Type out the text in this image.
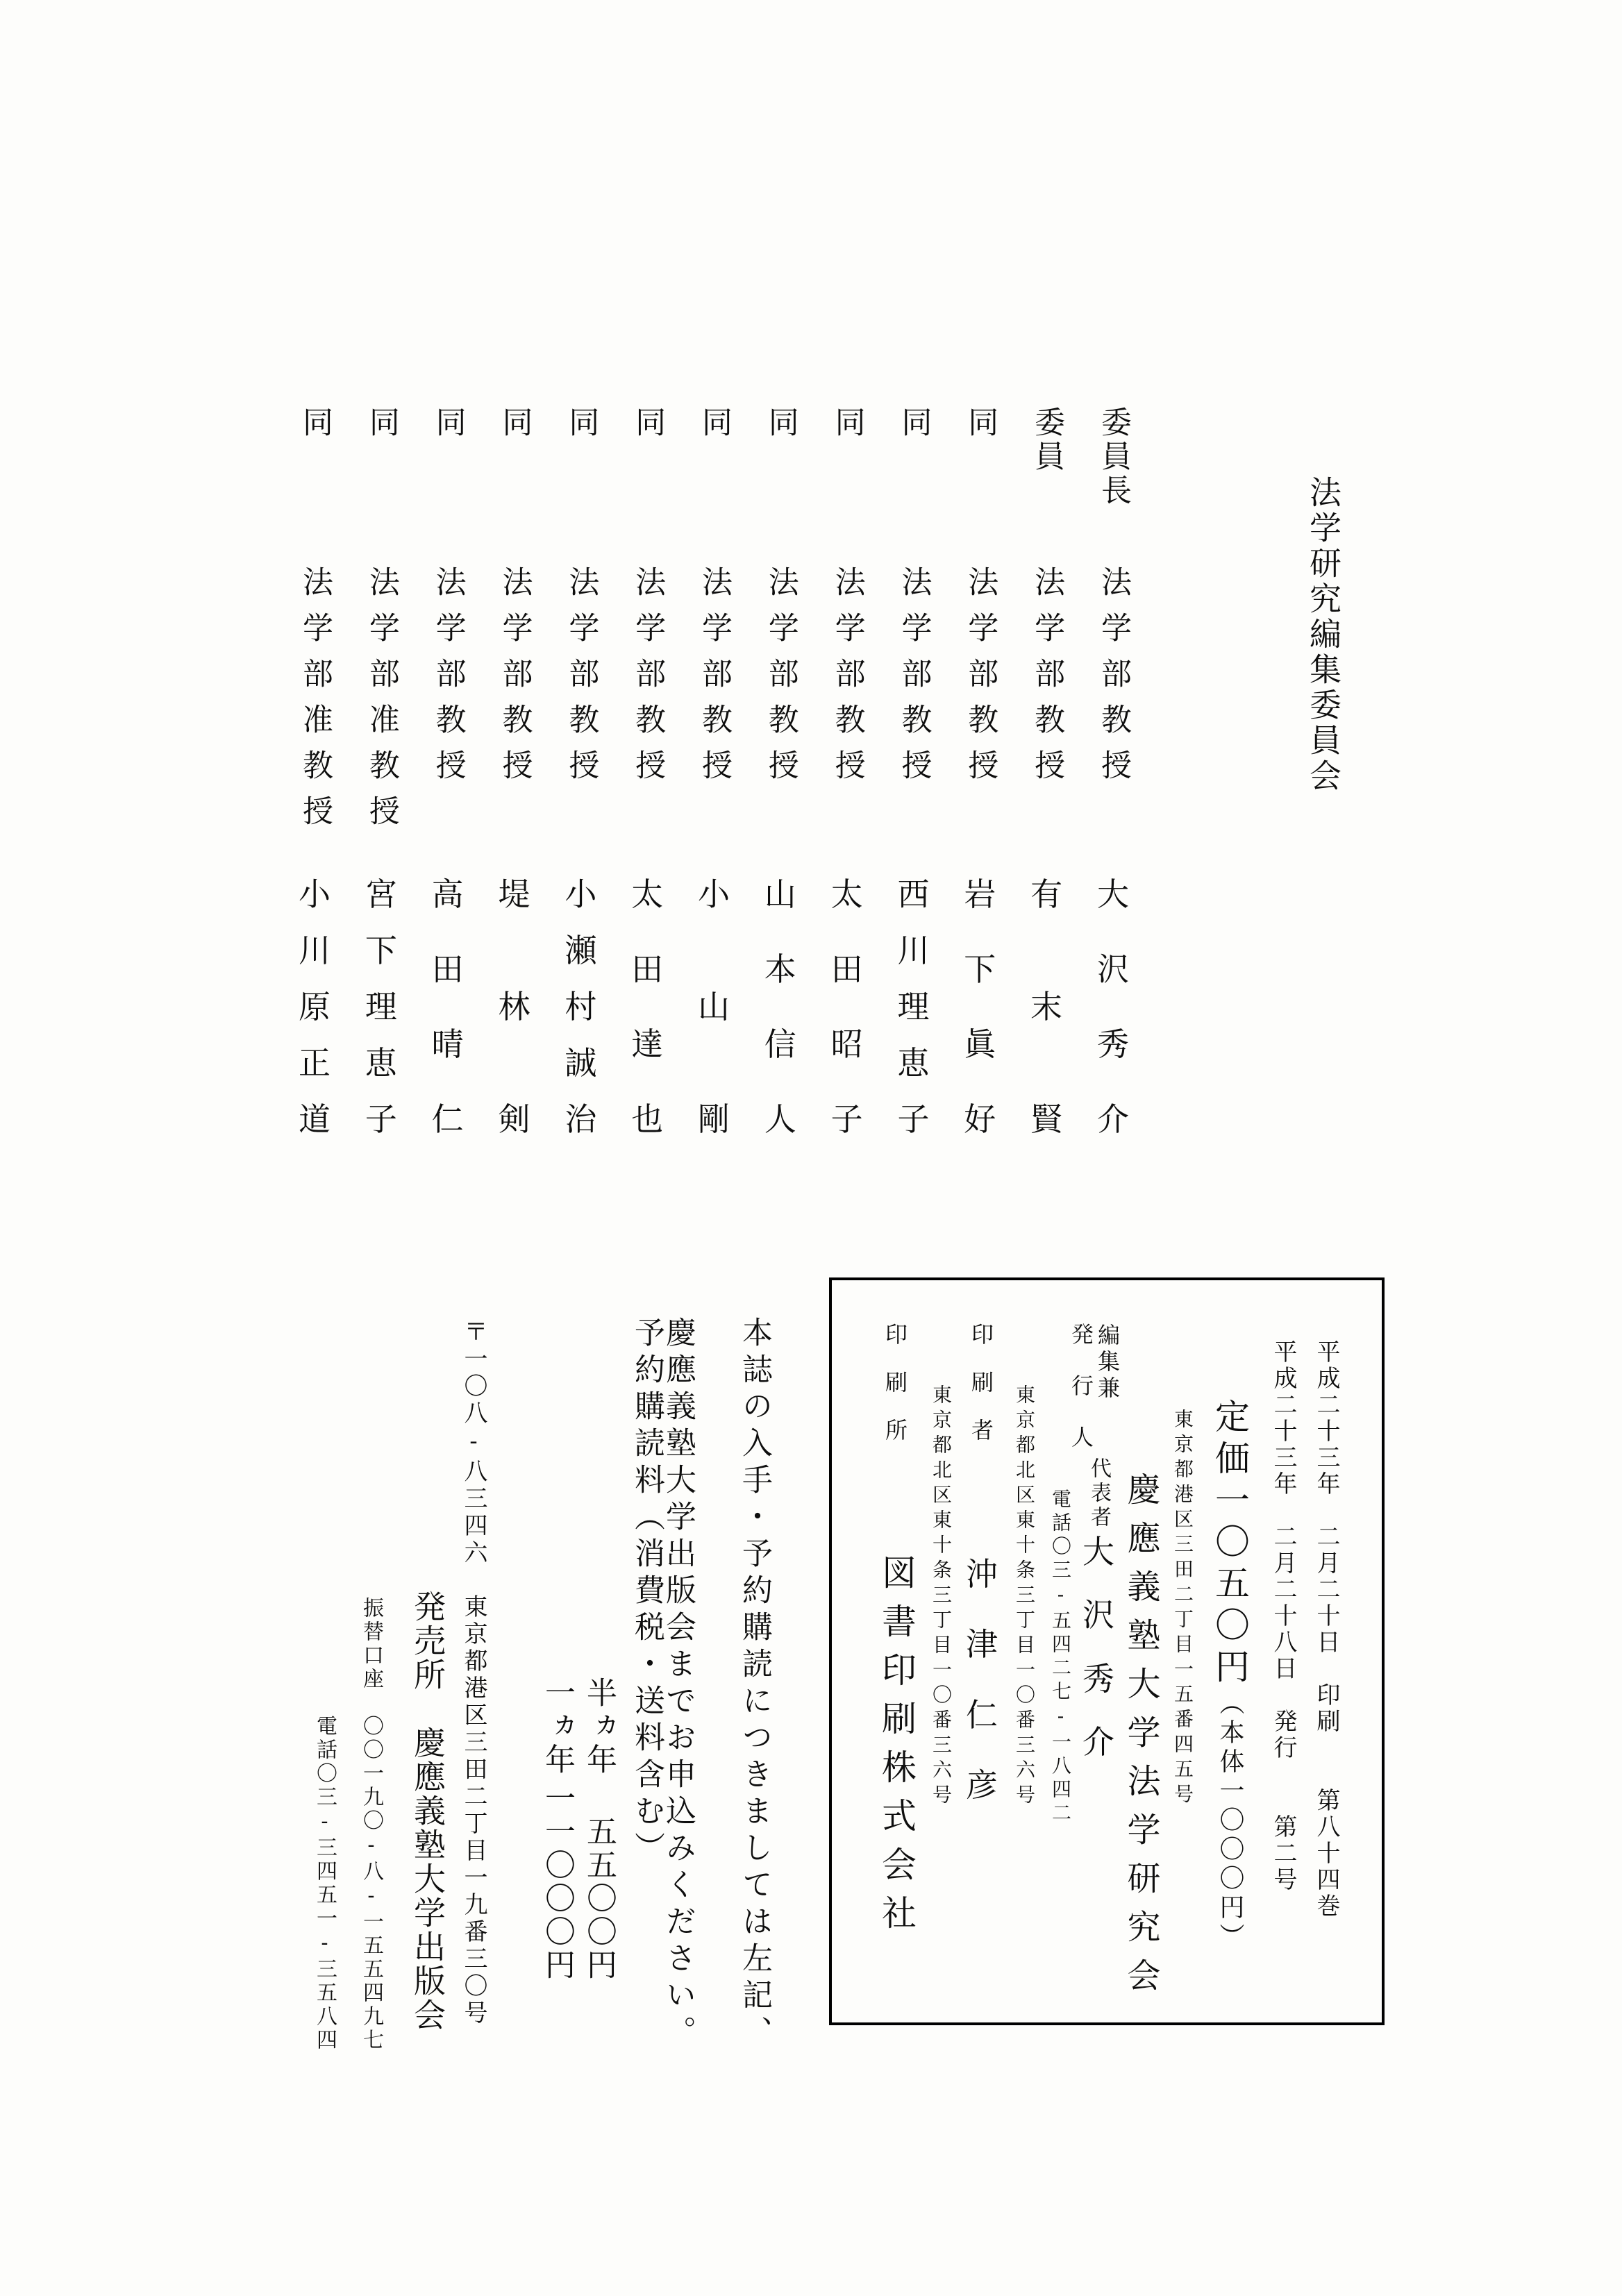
法学研究編集委員会
委員長
法学部教授
大
沢
秀
介
委員
法学部教授
有
末
賢
同
法学部教授
岩
下
眞
好
同
法学部教授
西
川
理
恵
子
同
法学部教授
太
田
昭
子
同
法学部教授
山
本
信
人
同
法学部教授
小
山
剛
同
法学部教授
太
田
達
也
同
法学部教授
小
瀬
村
誠
治
同
法学部教授
堤
林
剣
同
法学部教授
高
田
晴
仁
同
法学部准教授
宮
下
理
恵
子
同
法学部准教授
小
川
原
正
道
平成二十三年　二月二十日　印刷　　第八十四巻
平成二十三年　二月二十八日　発行　　第二号
定価一〇五〇円（本体一〇〇〇円）
東京都港区三田二丁目一五番四五号
慶應義塾大学法学研究会
編集兼
発
行
人
代表者
大
沢
秀
介
電話〇三-五四二七-一八四二
東京都北区東十条三丁目一〇番三六号
印
刷
者
沖
津
仁
彦
東京都北区東十条三丁目一〇番三六号
印
刷
所
図書印刷株式会社
本誌の入手・予約購読につきましては左記、
慶應義塾大学出版会までお申込みください。
予約購読料（消費税・送料含む）
半ヵ年
五五〇〇円
一ヵ年
一一〇〇〇円
〒一〇八-八三四六　東京都港区三田二丁目一九番三〇号
発売所　慶應義塾大学出版会
振替口座　〇〇一九〇-八-一五五四九七
電話〇三-三四五一-三五八四
